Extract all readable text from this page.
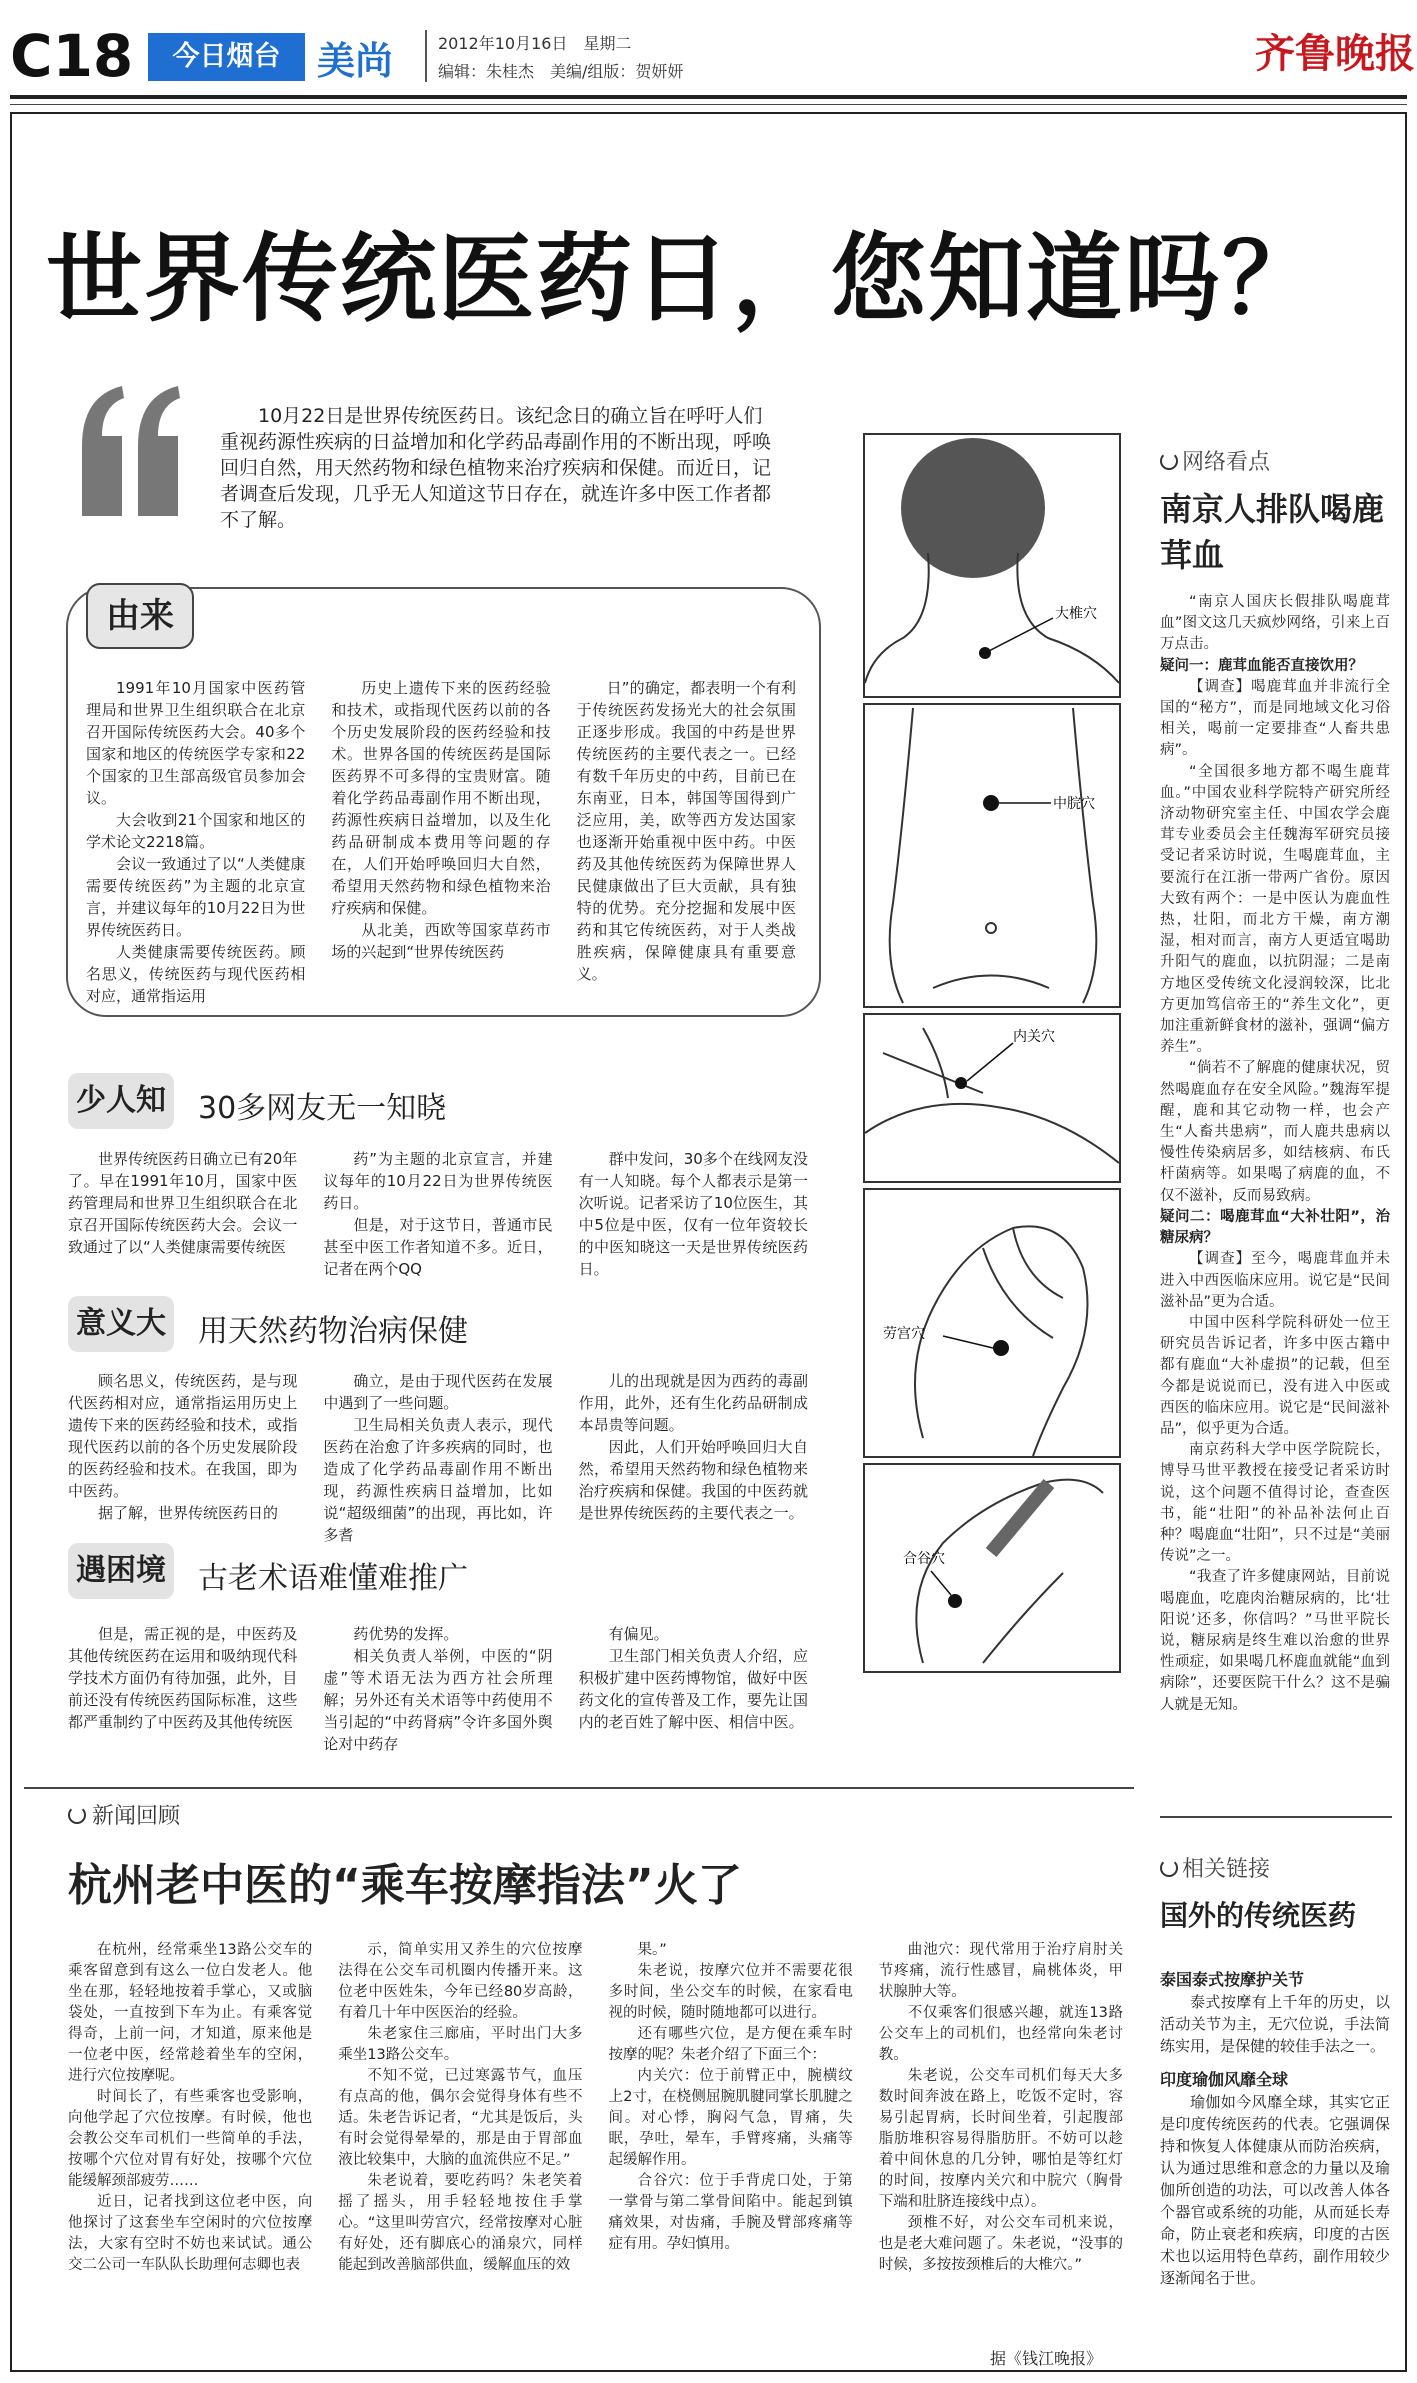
C18	今日烟台 美尚	2012年10月16日　星期二
编辑：朱桂杰　美编/组版：贺妍妍	齐鲁晚报
世界传统医药日，您知道吗？

10月22日是世界传统医药日。该纪念日的确立旨在呼吁人们重视药源性疾病的日益增加和化学药品毒副作用的不断出现，呼唤回归自然，用天然药物和绿色植物来治疗疾病和保健。而近日，记者调查后发现，几乎无人知道这节日存在，就连许多中医工作者都不了解。

由来

1991年10月国家中医药管理局和世界卫生组织联合在北京召开国际传统医药大会。40多个国家和地区的传统医学专家和22个国家的卫生部高级官员参加会议。

大会收到21个国家和地区的学术论文2218篇。

会议一致通过了以“人类健康需要传统医药”为主题的北京宣言，并建议每年的10月22日为世界传统医药日。

人类健康需要传统医药。顾名思义，传统医药与现代医药相对应，通常指运用

历史上遗传下来的医药经验和技术，或指现代医药以前的各个历史发展阶段的医药经验和技术。世界各国的传统医药是国际医药界不可多得的宝贵财富。随着化学药品毒副作用不断出现，药源性疾病日益增加，以及生化药品研制成本费用等问题的存在，人们开始呼唤回归大自然，希望用天然药物和绿色植物来治疗疾病和保健。

从北美，西欧等国家草药市场的兴起到“世界传统医药

日”的确定，都表明一个有利于传统医药发扬光大的社会氛围正逐步形成。我国的中药是世界传统医药的主要代表之一。已经有数千年历史的中药，目前已在东南亚，日本，韩国等国得到广泛应用，美，欧等西方发达国家也逐渐开始重视中医中药。中医药及其他传统医药为保障世界人民健康做出了巨大贡献，具有独特的优势。充分挖掘和发展中医药和其它传统医药，对于人类战胜疾病，保障健康具有重要意义。

少人知 30多网友无一知晓

世界传统医药日确立已有20年了。早在1991年10月，国家中医药管理局和世界卫生组织联合在北京召开国际传统医药大会。会议一致通过了以“人类健康需要传统医

药”为主题的北京宣言，并建议每年的10月22日为世界传统医药日。

但是，对于这节日，普通市民甚至中医工作者知道不多。近日，记者在两个QQ

群中发问，30多个在线网友没有一人知晓。每个人都表示是第一次听说。记者采访了10位医生，其中5位是中医，仅有一位年资较长的中医知晓这一天是世界传统医药日。

意义大 用天然药物治病保健

顾名思义，传统医药，是与现代医药相对应，通常指运用历史上遗传下来的医药经验和技术，或指现代医药以前的各个历史发展阶段的医药经验和技术。在我国，即为中医药。

据了解，世界传统医药日的

确立，是由于现代医药在发展中遇到了一些问题。

卫生局相关负责人表示，现代医药在治愈了许多疾病的同时，也造成了化学药品毒副作用不断出现，药源性疾病日益增加，比如说“超级细菌”的出现，再比如，许多耆

儿的出现就是因为西药的毒副作用，此外，还有生化药品研制成本昂贵等问题。

因此，人们开始呼唤回归大自然，希望用天然药物和绿色植物来治疗疾病和保健。我国的中医药就是世界传统医药的主要代表之一。

遇困境 古老术语难懂难推广

但是，需正视的是，中医药及其他传统医药在运用和吸纳现代科学技术方面仍有待加强，此外，目前还没有传统医药国际标准，这些都严重制约了中医药及其他传统医

药优势的发挥。

相关负责人举例，中医的“阴虚”等术语无法为西方社会所理解；另外还有关术语等中药使用不当引起的“中药肾病”令许多国外舆论对中药存

有偏见。

卫生部门相关负责人介绍，应积极扩建中医药博物馆，做好中医药文化的宣传普及工作，要先让国内的老百姓了解中医、相信中医。

大椎穴
中脘穴
内关穴
劳宫穴
合谷穴
网络看点
南京人排队喝鹿茸血

“南京人国庆长假排队喝鹿茸血”图文这几天疯炒网络，引来上百万点击。

疑问一：鹿茸血能否直接饮用？

【调查】喝鹿茸血并非流行全国的“秘方”，而是同地域文化习俗相关，喝前一定要排查“人畜共患病”。

“全国很多地方都不喝生鹿茸血。”中国农业科学院特产研究所经济动物研究室主任、中国农学会鹿茸专业委员会主任魏海军研究员接受记者采访时说，生喝鹿茸血，主要流行在江浙一带两广省份。原因大致有两个：一是中医认为鹿血性热，壮阳，而北方干燥，南方潮湿，相对而言，南方人更适宜喝助升阳气的鹿血，以抗阴湿；二是南方地区受传统文化浸润较深，比北方更加笃信帝王的“养生文化”，更加注重新鲜食材的滋补，强调“偏方养生”。

“倘若不了解鹿的健康状况，贸然喝鹿血存在安全风险。”魏海军提醒，鹿和其它动物一样，也会产生“人畜共患病”，而人鹿共患病以慢性传染病居多，如结核病、布氏杆菌病等。如果喝了病鹿的血，不仅不滋补，反而易致病。

疑问二：喝鹿茸血“大补壮阳”，治糖尿病？

【调查】至今，喝鹿茸血并未进入中西医临床应用。说它是“民间滋补品”更为合适。

中国中医科学院科研处一位王研究员告诉记者，许多中医古籍中都有鹿血“大补虚损”的记载，但至今都是说说而已，没有进入中医或西医的临床应用。说它是“民间滋补品”，似乎更为合适。

南京药科大学中医学院院长，博导马世平教授在接受记者采访时说，这个问题不值得讨论，查查医书，能“壮阳”的补品补法何止百种？喝鹿血“壮阳”，只不过是“美丽传说”之一。

“我查了许多健康网站，目前说喝鹿血，吃鹿肉治糖尿病的，比‘壮阳说’还多，你信吗？”马世平院长说，糖尿病是终生难以治愈的世界性顽症，如果喝几杯鹿血就能“血到病除”，还要医院干什么？这不是骗人就是无知。

相关链接
国外的传统医药

泰国泰式按摩护关节

泰式按摩有上千年的历史，以活动关节为主，无穴位说，手法简练实用，是保健的较佳手法之一。

印度瑜伽风靡全球

瑜伽如今风靡全球，其实它正是印度传统医药的代表。它强调保持和恢复人体健康从而防治疾病，认为通过思维和意念的力量以及瑜伽所创造的功法，可以改善人体各个器官或系统的功能，从而延长寿命，防止衰老和疾病，印度的古医术也以运用特色草药，副作用较少逐渐闻名于世。

新闻回顾
杭州老中医的“乘车按摩指法”火了

在杭州，经常乘坐13路公交车的乘客留意到有这么一位白发老人。他坐在那，轻轻地按着手掌心，又或脑袋处，一直按到下车为止。有乘客觉得奇，上前一问，才知道，原来他是一位老中医，经常趁着坐车的空闲，进行穴位按摩呢。

时间长了，有些乘客也受影响，向他学起了穴位按摩。有时候，他也会教公交车司机们一些简单的手法，按哪个穴位对胃有好处，按哪个穴位能缓解颈部疲劳……

近日，记者找到这位老中医，向他探讨了这套坐车空闲时的穴位按摩法，大家有空时不妨也来试试。通公交二公司一车队队长助理何志卿也表

示，简单实用又养生的穴位按摩法得在公交车司机圈内传播开来。这位老中医姓朱，今年已经80岁高龄，有着几十年中医医治的经验。

朱老家住三廊庙，平时出门大多乘坐13路公交车。

不知不觉，已过寒露节气，血压有点高的他，偶尔会觉得身体有些不适。朱老告诉记者，“尤其是饭后，头有时会觉得晕晕的，那是由于胃部血液比较集中，大脑的血流供应不足。”

朱老说着，要吃药吗？朱老笑着摇了摇头，用手轻轻地按住手掌心。“这里叫劳宫穴，经常按摩对心脏有好处，还有脚底心的涌泉穴，同样能起到改善脑部供血，缓解血压的效

果。”

朱老说，按摩穴位并不需要花很多时间，坐公交车的时候，在家看电视的时候，随时随地都可以进行。

还有哪些穴位，是方便在乘车时按摩的呢？朱老介绍了下面三个：

内关穴：位于前臂正中，腕横纹上2寸，在桡侧屈腕肌腱同掌长肌腱之间。对心悸，胸闷气急，胃痛，失眠，孕吐，晕车，手臂疼痛，头痛等起缓解作用。

合谷穴：位于手背虎口处，于第一掌骨与第二掌骨间陷中。能起到镇痛效果，对齿痛，手腕及臂部疼痛等症有用。孕妇慎用。

曲池穴：现代常用于治疗肩肘关节疼痛，流行性感冒，扁桃体炎，甲状腺肿大等。

不仅乘客们很感兴趣，就连13路公交车上的司机们，也经常向朱老讨教。

朱老说，公交车司机们每天大多数时间奔波在路上，吃饭不定时，容易引起胃病，长时间坐着，引起腹部脂肪堆积容易得脂肪肝。不妨可以趁着中间休息的几分钟，哪怕是等红灯的时间，按摩内关穴和中脘穴（胸骨下端和肚脐连接线中点）。

颈椎不好，对公交车司机来说，也是老大难问题了。朱老说，“没事的时候，多按按颈椎后的大椎穴。”

据《钱江晚报》
